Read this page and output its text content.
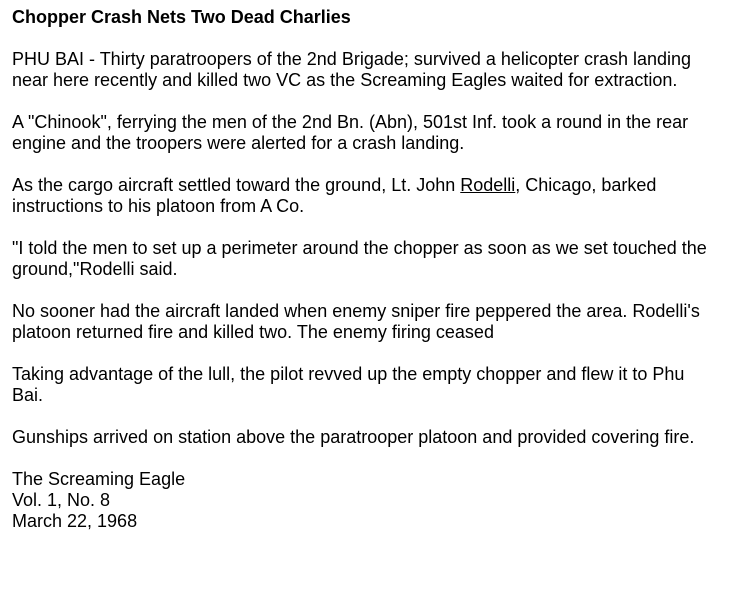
Chopper Crash Nets Two Dead Charlies
PHU BAI - Thirty paratroopers of the 2nd Brigade; survived a helicopter crash landing near here recently and killed two VC as the Screaming Eagles waited for extraction.
A "Chinook", ferrying the men of the 2nd Bn. (Abn), 501st Inf. took a round in the rear engine and the troopers were alerted for a crash landing.
As the cargo aircraft settled toward the ground, Lt. John Rodelli, Chicago, barked instructions to his platoon from A Co.
"I told the men to set up a perimeter around the chopper as soon as we set touched the ground,"Rodelli said.
No sooner had the aircraft landed when enemy sniper fire peppered the area. Rodelli's platoon returned fire and killed two. The enemy firing ceased
Taking advantage of the lull, the pilot revved up the empty chopper and flew it to Phu Bai.
Gunships arrived on station above the paratrooper platoon and provided covering fire.
The Screaming Eagle
Vol. 1, No. 8
March 22, 1968
